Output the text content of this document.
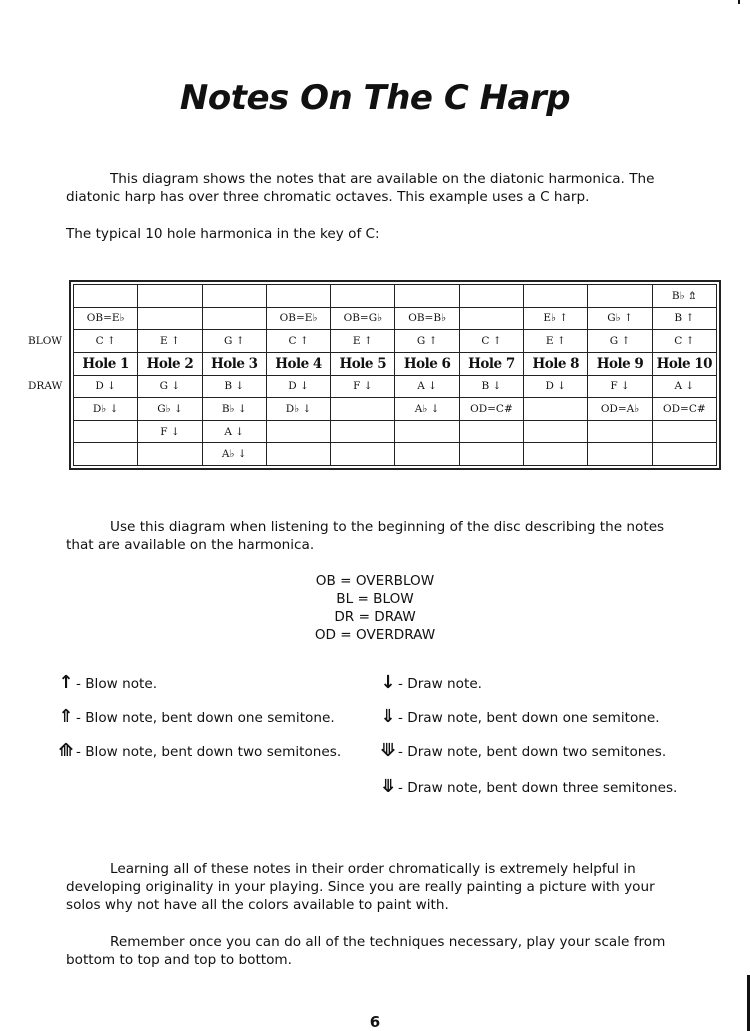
Notes On The C Harp
This diagram shows the notes that are available on the diatonic harmonica. The diatonic harp has over three chromatic octaves. This example uses a C harp.
The typical 10 hole harmonica in the key of C:
BLOW
DRAW
									B♭ ⇯
OB=E♭			OB=E♭	OB=G♭	OB=B♭		E♭ ↑	G♭ ↑	B ↑
C ↑	E ↑	G ↑	C ↑	E ↑	G ↑	C ↑	E ↑	G ↑	C ↑
Hole 1	Hole 2	Hole 3	Hole 4	Hole 5	Hole 6	Hole 7	Hole 8	Hole 9	Hole 10
D ↓	G ↓	B ↓	D ↓	F ↓	A ↓	B ↓	D ↓	F ↓	A ↓
D♭ ↓	G♭ ↓	B♭ ↓	D♭ ↓		A♭ ↓	OD=C#		OD=A♭	OD=C#
	F ↓	A ↓							
		A♭ ↓							
Use this diagram when listening to the beginning of the disc describing the notes that are available on the harmonica.
OB = OVERBLOW
BL = BLOW
DR = DRAW
OD = OVERDRAW
↑ - Blow note.
⇑ - Blow note, bent down one semitone.
⟰ - Blow note, bent down two semitones.
↓ - Draw note.
⇓ - Draw note, bent down one semitone.
⟱ - Draw note, bent down two semitones.
⤋ - Draw note, bent down three semitones.
Learning all of these notes in their order chromatically is extremely helpful in developing originality in your playing. Since you are really painting a picture with your solos why not have all the colors available to paint with.
Remember once you can do all of the techniques necessary, play your scale from bottom to top and top to bottom.
6
